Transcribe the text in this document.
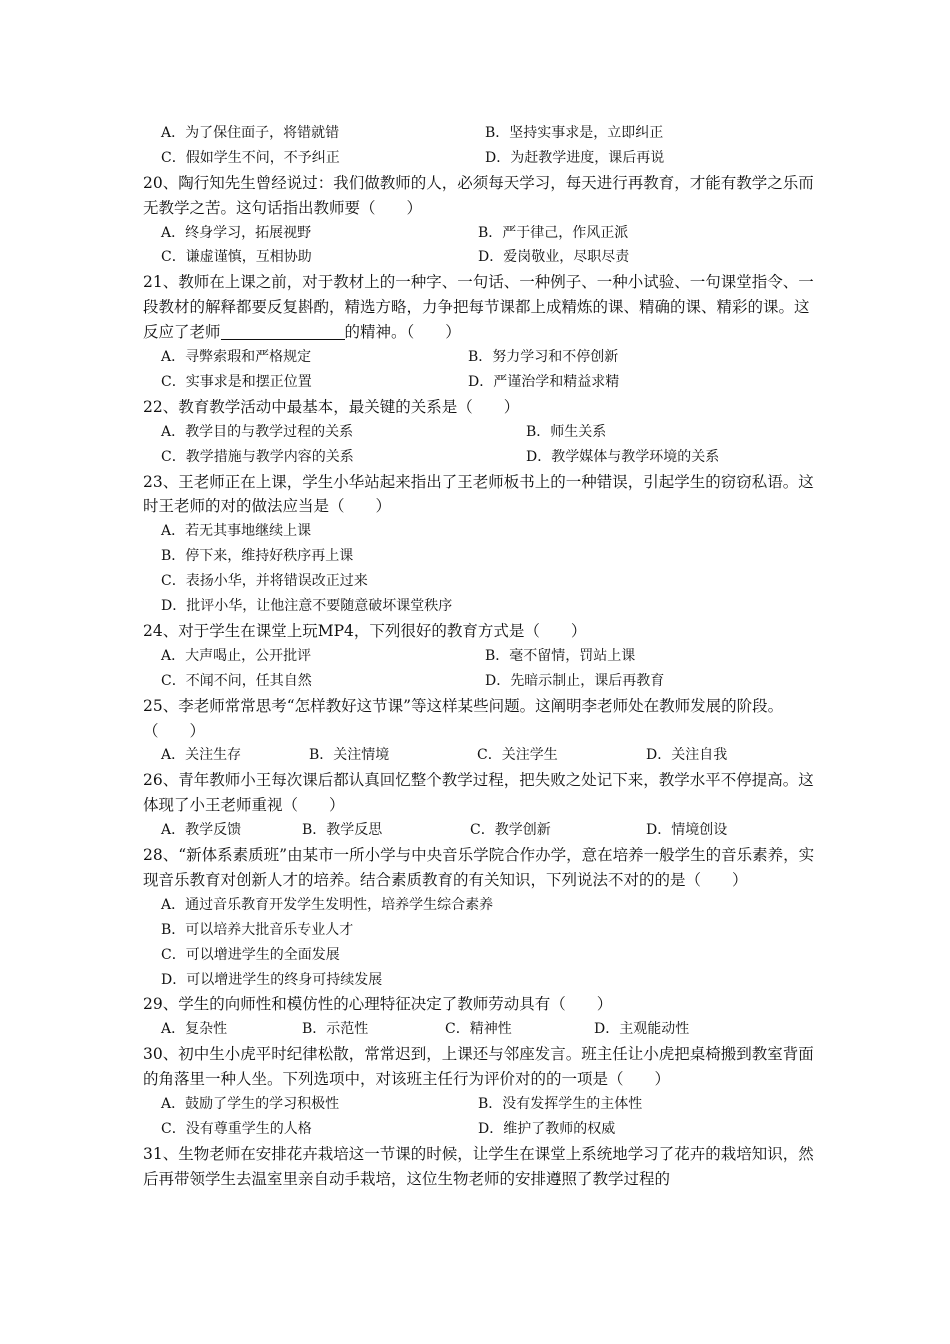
A．为了保住面子，将错就错	B．坚持实事求是，立即纠正
C．假如学生不问，不予纠正	D．为赶教学进度，课后再说

20、陶行知先生曾经说过：我们做教师的人，必须每天学习，每天进行再教育，才能有教学之乐而无教学之苦。这句话指出教师要（　　）

A．终身学习，拓展视野	B．严于律己，作风正派
C．谦虚谨慎，互相协助	D．爱岗敬业，尽职尽责

21、教师在上课之前，对于教材上的一种字、一句话、一种例子、一种小试验、一句课堂指令、一段教材的解释都要反复斟酌，精选方略，力争把每节课都上成精炼的课、精确的课、精彩的课。这反应了老师	的精神。（　　）

A．寻弊索瑕和严格规定	B．努力学习和不停创新
C．实事求是和摆正位置	D．严谨治学和精益求精

22、教育教学活动中最基本，最关键的关系是（　　）

A．教学目的与教学过程的关系	B．师生关系
C．教学措施与教学内容的关系	D．教学媒体与教学环境的关系

23、王老师正在上课，学生小华站起来指出了王老师板书上的一种错误，引起学生的窃窃私语。这时王老师的对的做法应当是（　　）

A．若无其事地继续上课
B．停下来，维持好秩序再上课
C．表扬小华，并将错误改正过来
D．批评小华，让他注意不要随意破坏课堂秩序

24、对于学生在课堂上玩MP4，下列很好的教育方式是（　　）

A．大声喝止，公开批评	B．毫不留情，罚站上课
C．不闻不问，任其自然	D．先暗示制止，课后再教育

25、李老师常常思考“怎样教好这节课”等这样某些问题。这阐明李老师处在教师发展的阶段。（　　）

A．关注生存	B．关注情境	C．关注学生	D．关注自我

26、青年教师小王每次课后都认真回忆整个教学过程，把失败之处记下来，教学水平不停提高。这体现了小王老师重视（　　）

A．教学反馈	B．教学反思	C．教学创新	D．情境创设

28、“新体系素质班”由某市一所小学与中央音乐学院合作办学，意在培养一般学生的音乐素养，实现音乐教育对创新人才的培养。结合素质教育的有关知识，下列说法不对的的是（　　）

A．通过音乐教育开发学生发明性，培养学生综合素养
B．可以培养大批音乐专业人才
C．可以增进学生的全面发展
D．可以增进学生的终身可持续发展

29、学生的向师性和模仿性的心理特征决定了教师劳动具有（　　）

A．复杂性	B．示范性	C．精神性	D．主观能动性

30、初中生小虎平时纪律松散，常常迟到，上课还与邻座发言。班主任让小虎把桌椅搬到教室背面的角落里一种人坐。下列选项中，对该班主任行为评价对的的一项是（　　）

A．鼓励了学生的学习积极性	B．没有发挥学生的主体性
C．没有尊重学生的人格	D．维护了教师的权威

31、生物老师在安排花卉栽培这一节课的时候，让学生在课堂上系统地学习了花卉的栽培知识，然后再带领学生去温室里亲自动手栽培，这位生物老师的安排遵照了教学过程的
